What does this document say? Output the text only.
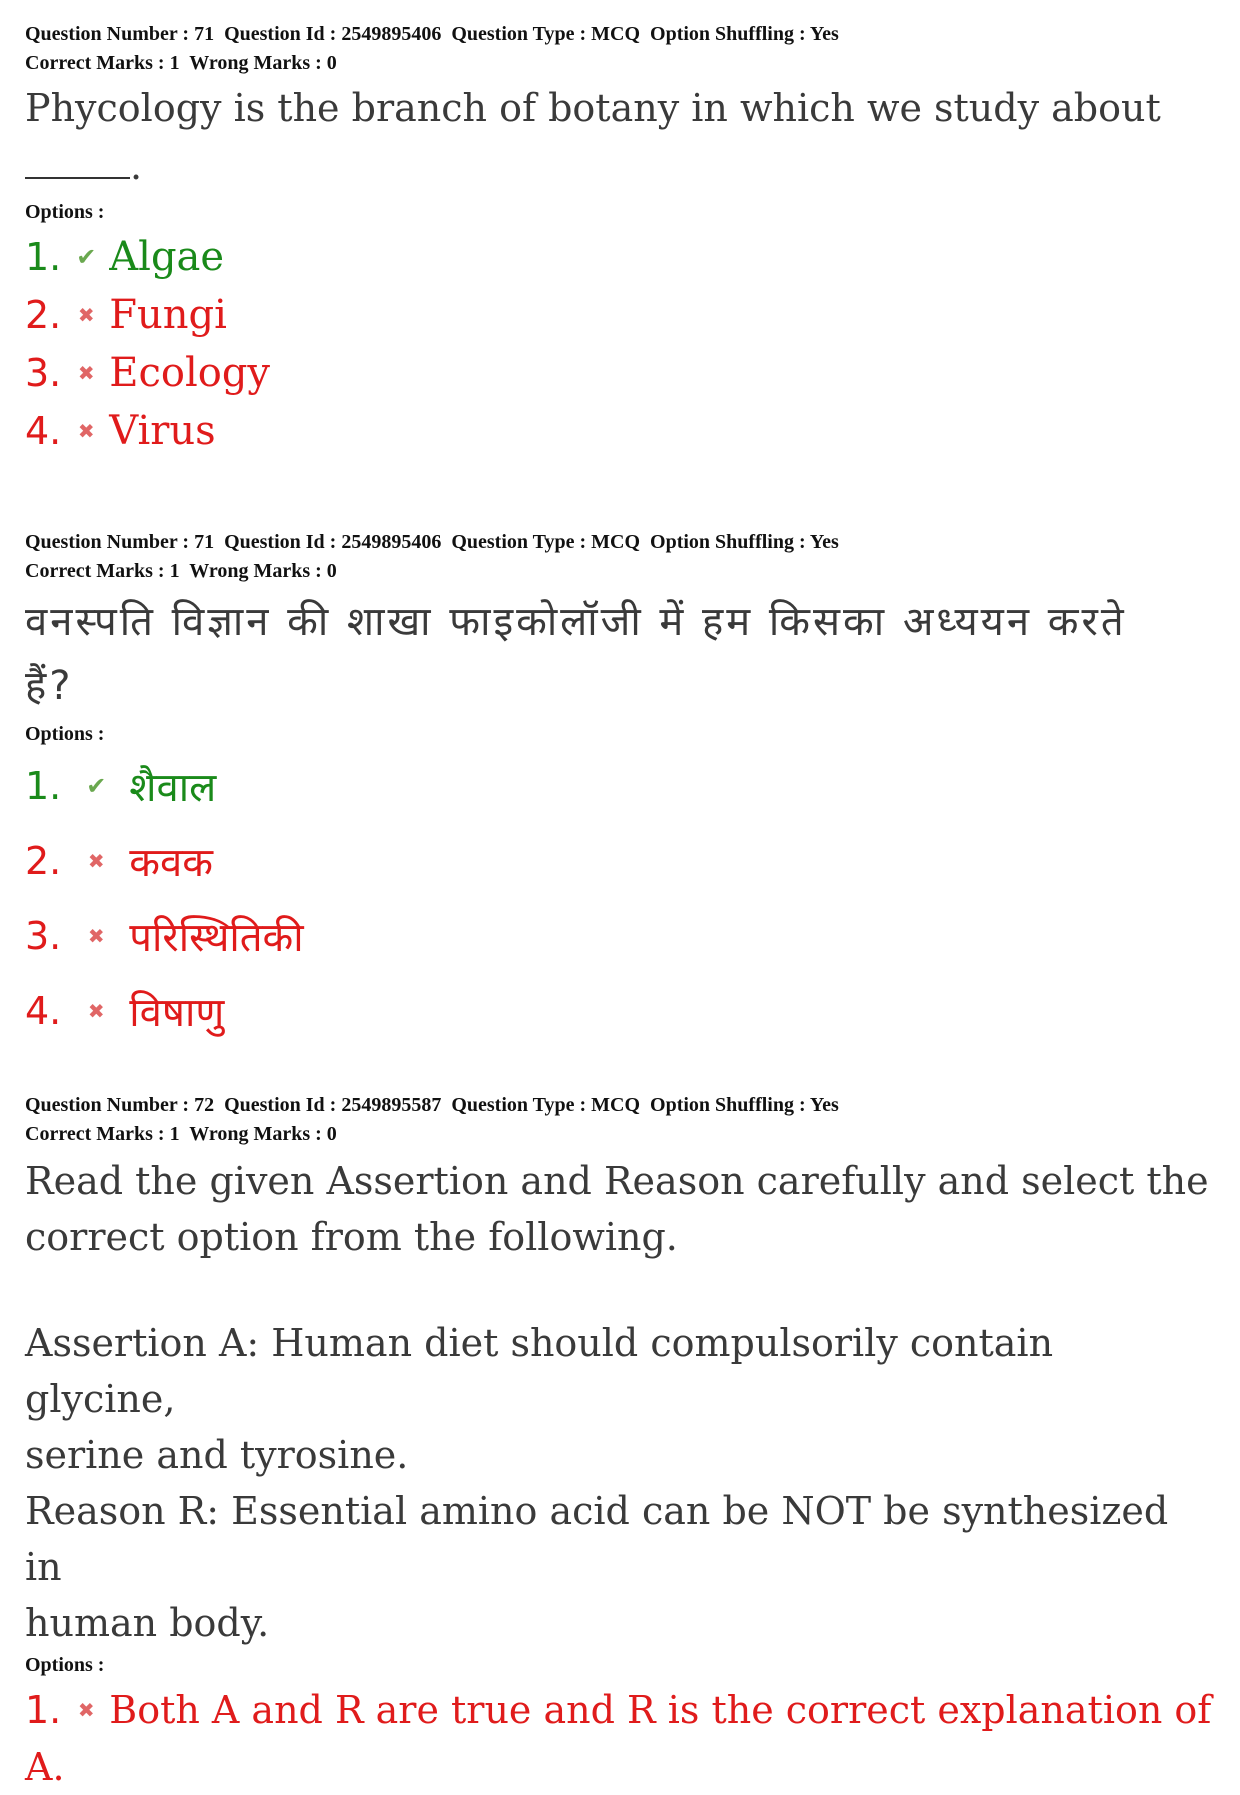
Question Number : 71  Question Id : 2549895406  Question Type : MCQ  Option Shuffling : Yes
Correct Marks : 1  Wrong Marks : 0
Phycology is the branch of botany in which we study about
.
Options :
1. ✔ Algae
2. ✖ Fungi
3. ✖ Ecology
4. ✖ Virus
Question Number : 71  Question Id : 2549895406  Question Type : MCQ  Option Shuffling : Yes
Correct Marks : 1  Wrong Marks : 0
वनस्पति विज्ञान की शाखा फाइकोलॉजी में हम किसका अध्ययन करते
हैं?
Options :
1. ✔ शैवाल
2.	✖ कवक
3.	✖ परिस्थितिकी
4.	✖ विषाणु
Question Number : 72  Question Id : 2549895587  Question Type : MCQ  Option Shuffling : Yes
Correct Marks : 1  Wrong Marks : 0
Read the given Assertion and Reason carefully and select the
correct option from the following.
Assertion A: Human diet should compulsorily contain glycine,
serine and tyrosine.
Reason R: Essential amino acid can be NOT be synthesized in
human body.
Options :
1. ✖ Both A and R are true and R is the correct explanation of
A.
